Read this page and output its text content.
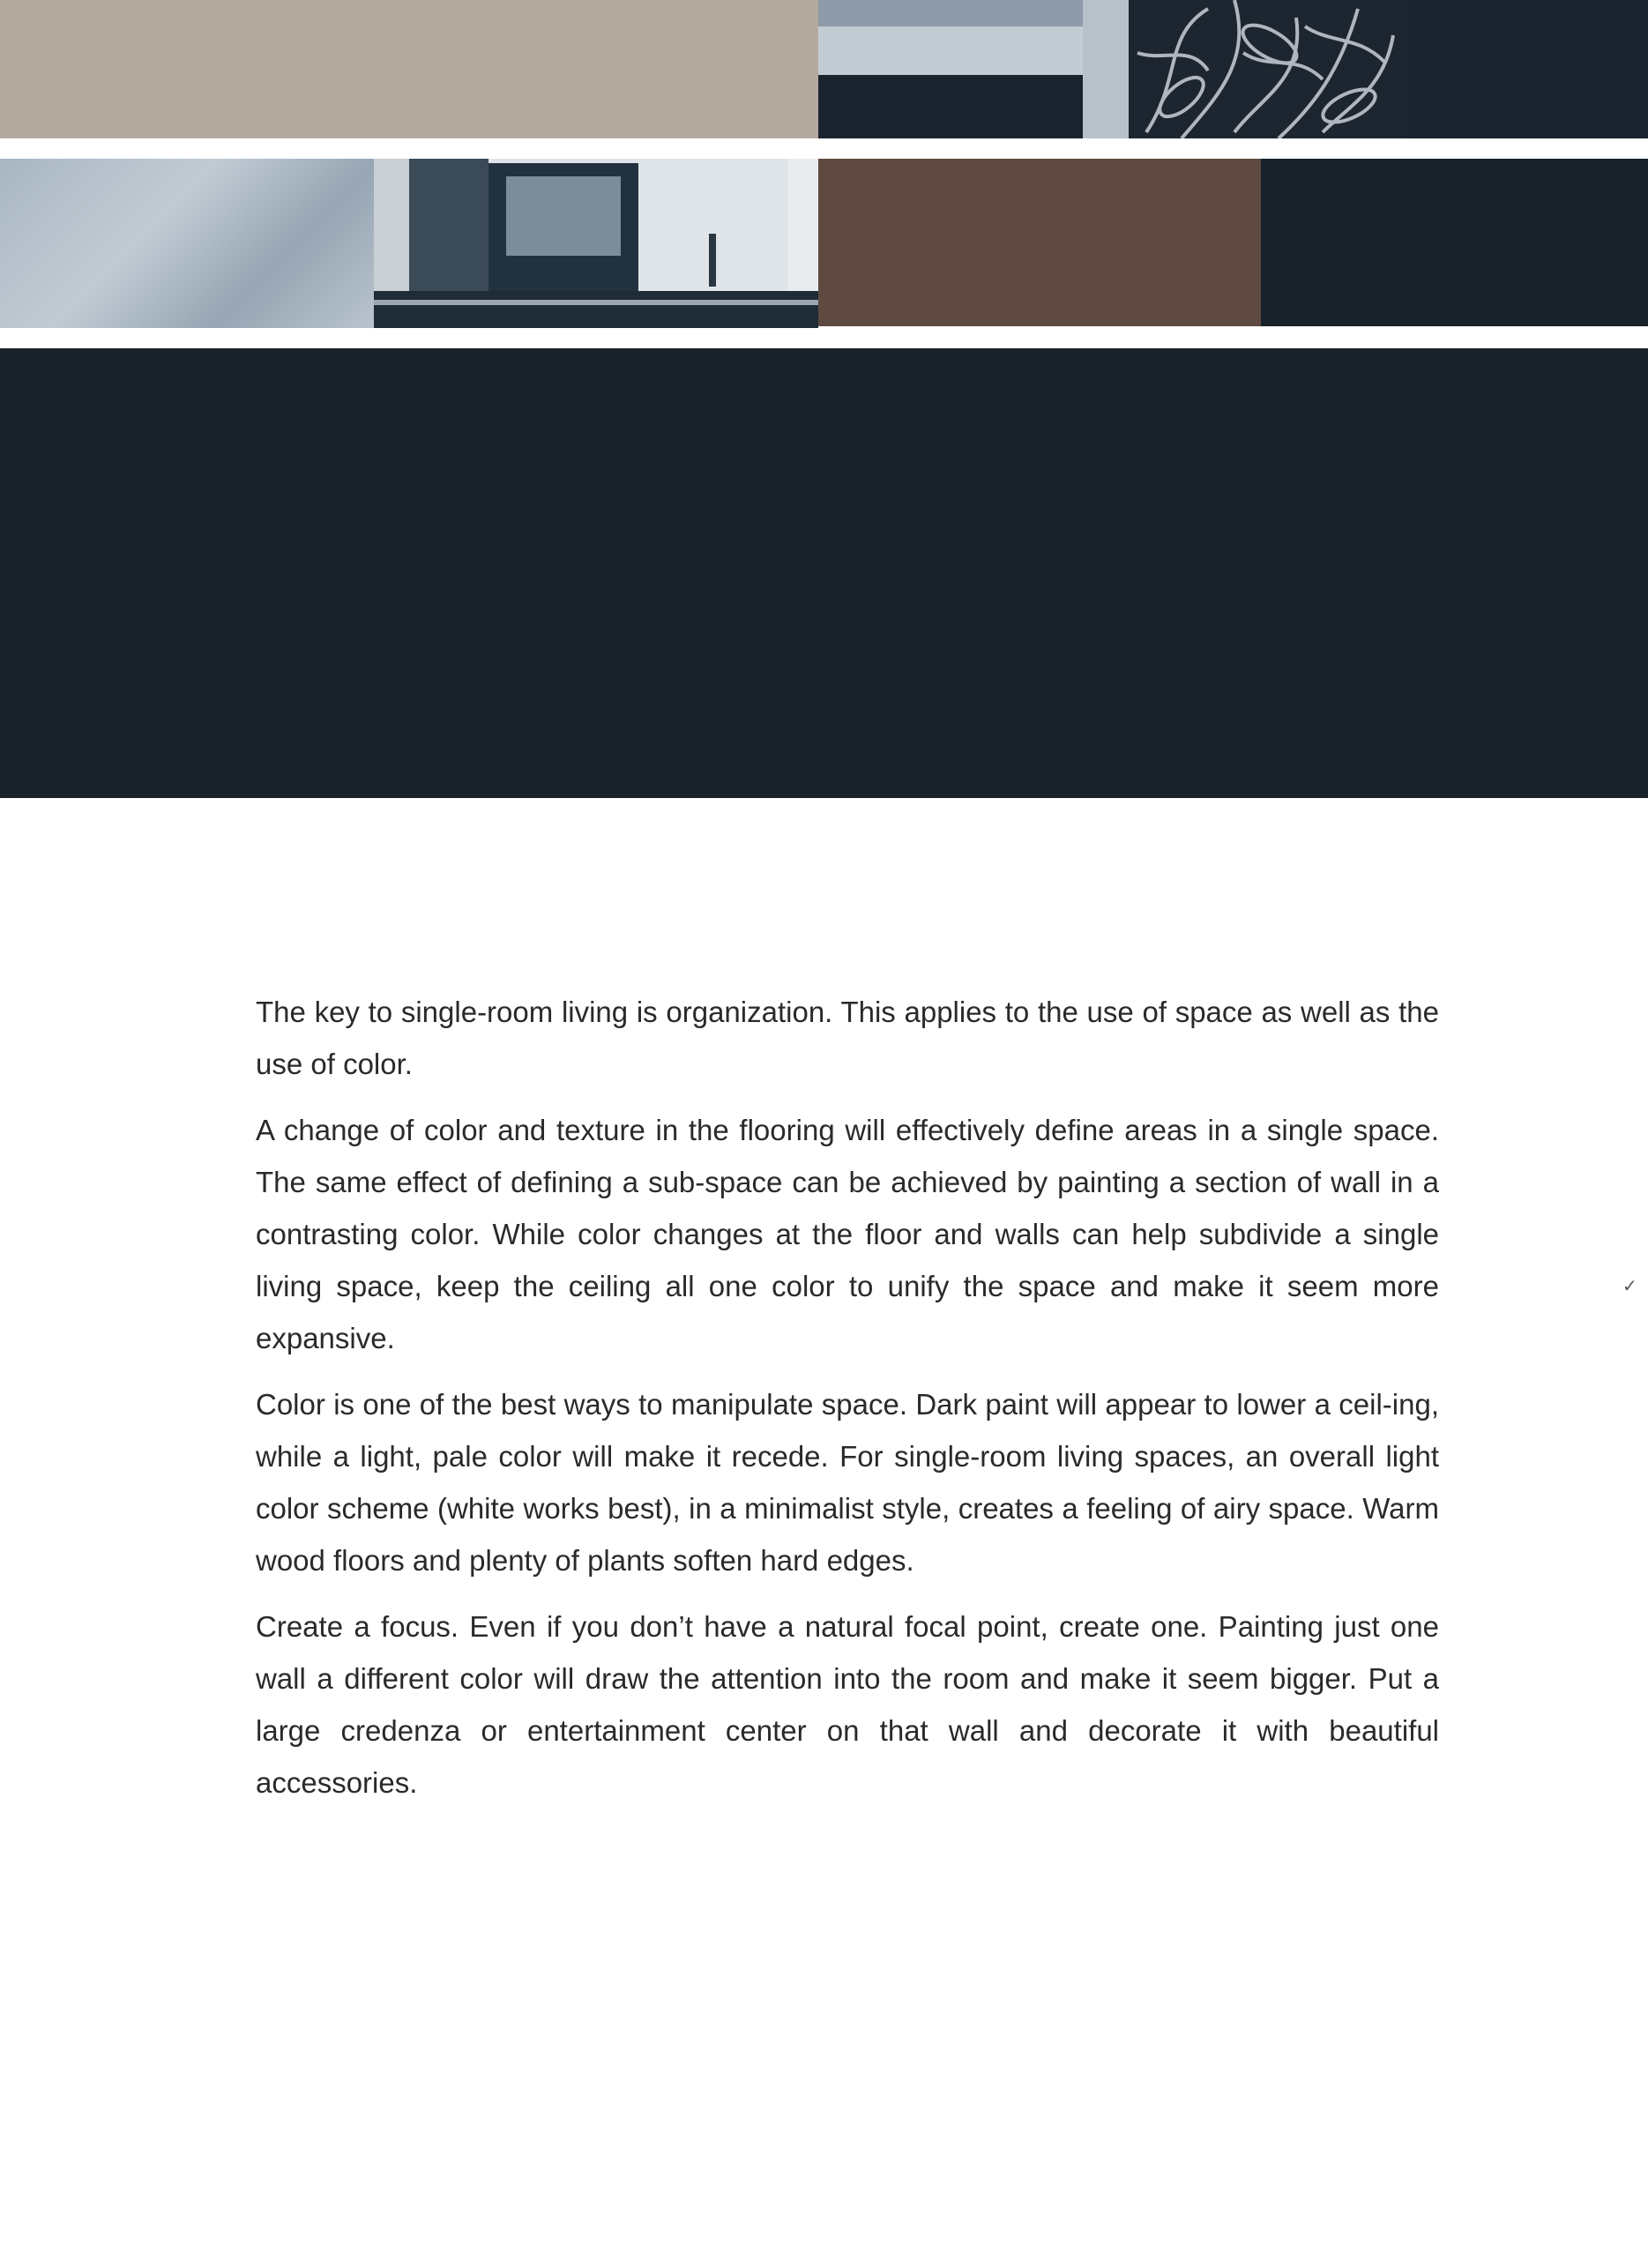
The key to single-room living is organization. This applies to the use of space as well as the use of color.

A change of color and texture in the flooring will effectively define areas in a single space. The same effect of defining a sub-space can be achieved by painting a section of wall in a contrasting color. While color changes at the floor and walls can help subdivide a single living space, keep the ceiling all one color to unify the space and make it seem more expansive.

Color is one of the best ways to manipulate space. Dark paint will appear to lower a ceil-ing, while a light, pale color will make it recede. For single-room living spaces, an overall light color scheme (white works best), in a minimalist style, creates a feeling of airy space. Warm wood floors and plenty of plants soften hard edges.

Create a focus. Even if you don’t have a natural focal point, create one. Painting just one wall a different color will draw the attention into the room and make it seem bigger. Put a large credenza or entertainment center on that wall and decorate it with beautiful accessories.

✓
